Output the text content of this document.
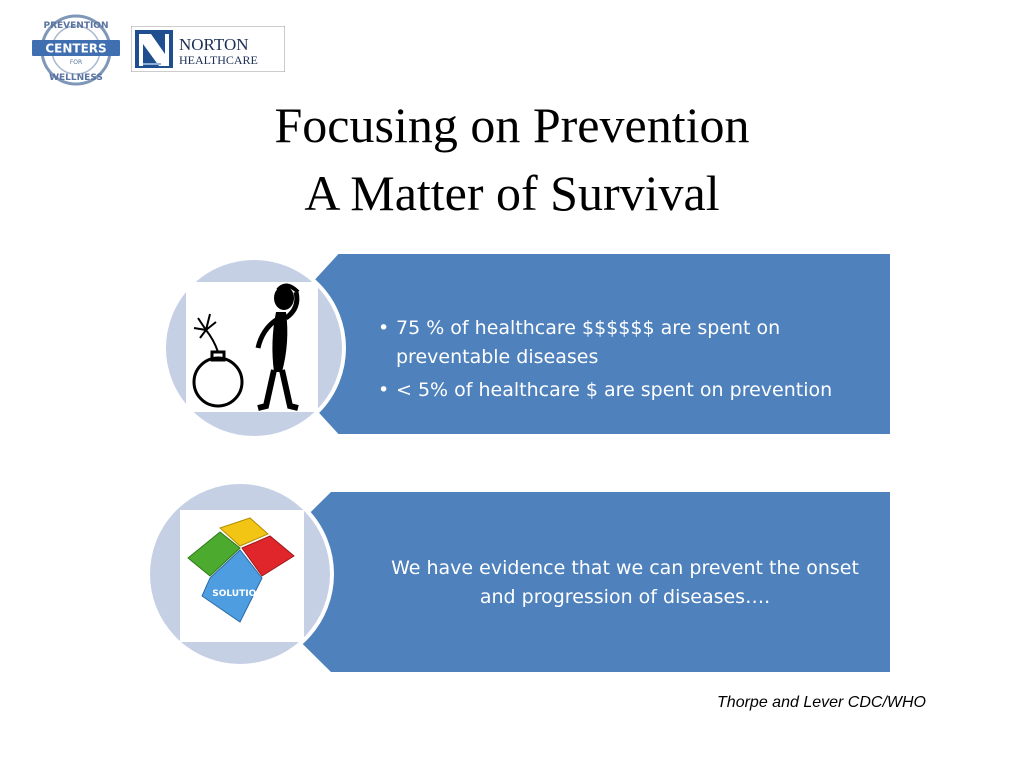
PREVENTION
CENTERS
FOR
WELLNESS
NORTON
HEALTHCARE
Focusing on Prevention
A Matter of Survival
• 75 % of healthcare $$$$$$ are spent on preventable diseases
• < 5% of healthcare $ are spent on prevention
SOLUTION
We have evidence that we can prevent the onset and progression of diseases….
Thorpe and Lever CDC/WHO
